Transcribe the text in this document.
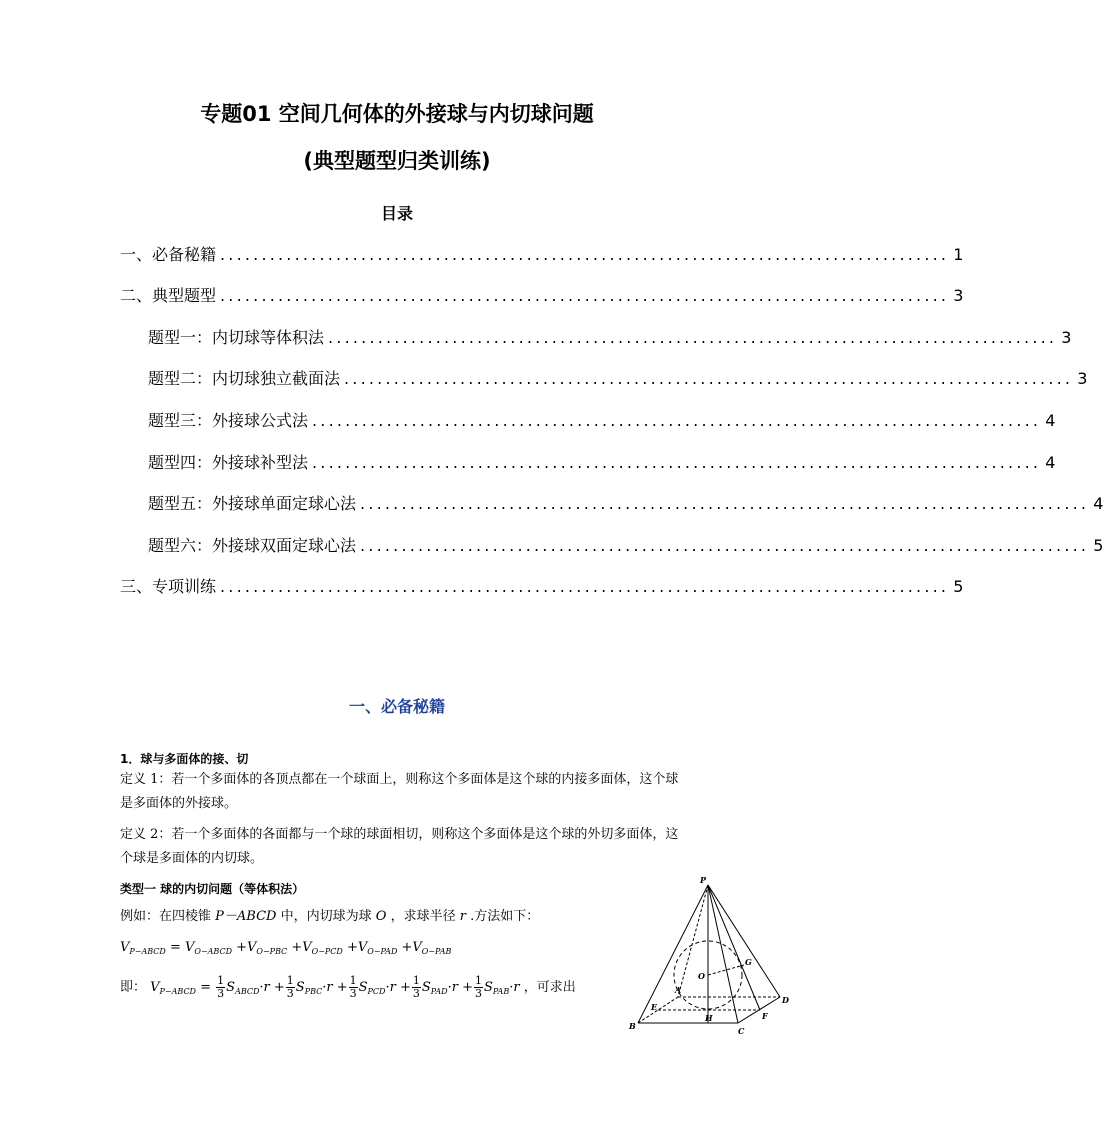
专题01 空间几何体的外接球与内切球问题
(典型题型归类训练)
目录
一、必备秘籍 ........................................................................................ 1
二、典型题型 ........................................................................................ 3
题型一：内切球等体积法 ........................................................................................ 3
题型二：内切球独立截面法 ........................................................................................ 3
题型三：外接球公式法 ........................................................................................ 4
题型四：外接球补型法 ........................................................................................ 4
题型五：外接球单面定球心法 ........................................................................................ 4
题型六：外接球双面定球心法 ........................................................................................ 5
三、专项训练 ........................................................................................ 5
一、必备秘籍
1．球与多面体的接、切
定义 1：若一个多面体的各顶点都在一个球面上，则称这个多面体是这个球的内接多面体，这个球是多面体的外接球。
定义 2：若一个多面体的各面都与一个球的球面相切，则称这个多面体是这个球的外切多面体，这个球是多面体的内切球。
类型一 球的内切问题（等体积法）
例如：在四棱锥 P－ABCD 中，内切球为球 O ，求球半径 r .方法如下：
$V_{P-ABCD} = V_{O-ABCD} +V_{O-PBC} +V_{O-PCD} +V_{O-PAD} +V_{O-PAB}$
即： $V_{P-ABCD} = \frac{1}{3} S_{ABCD}\cdot r + \frac{1}{3} S_{PBC}\cdot r + \frac{1}{3} S_{PCD}\cdot r + \frac{1}{3} S_{PAD}\cdot r + \frac{1}{3} S_{PAB}\cdot r$ ，可求出
P
O
G
A
E
H
B	C
D
F
